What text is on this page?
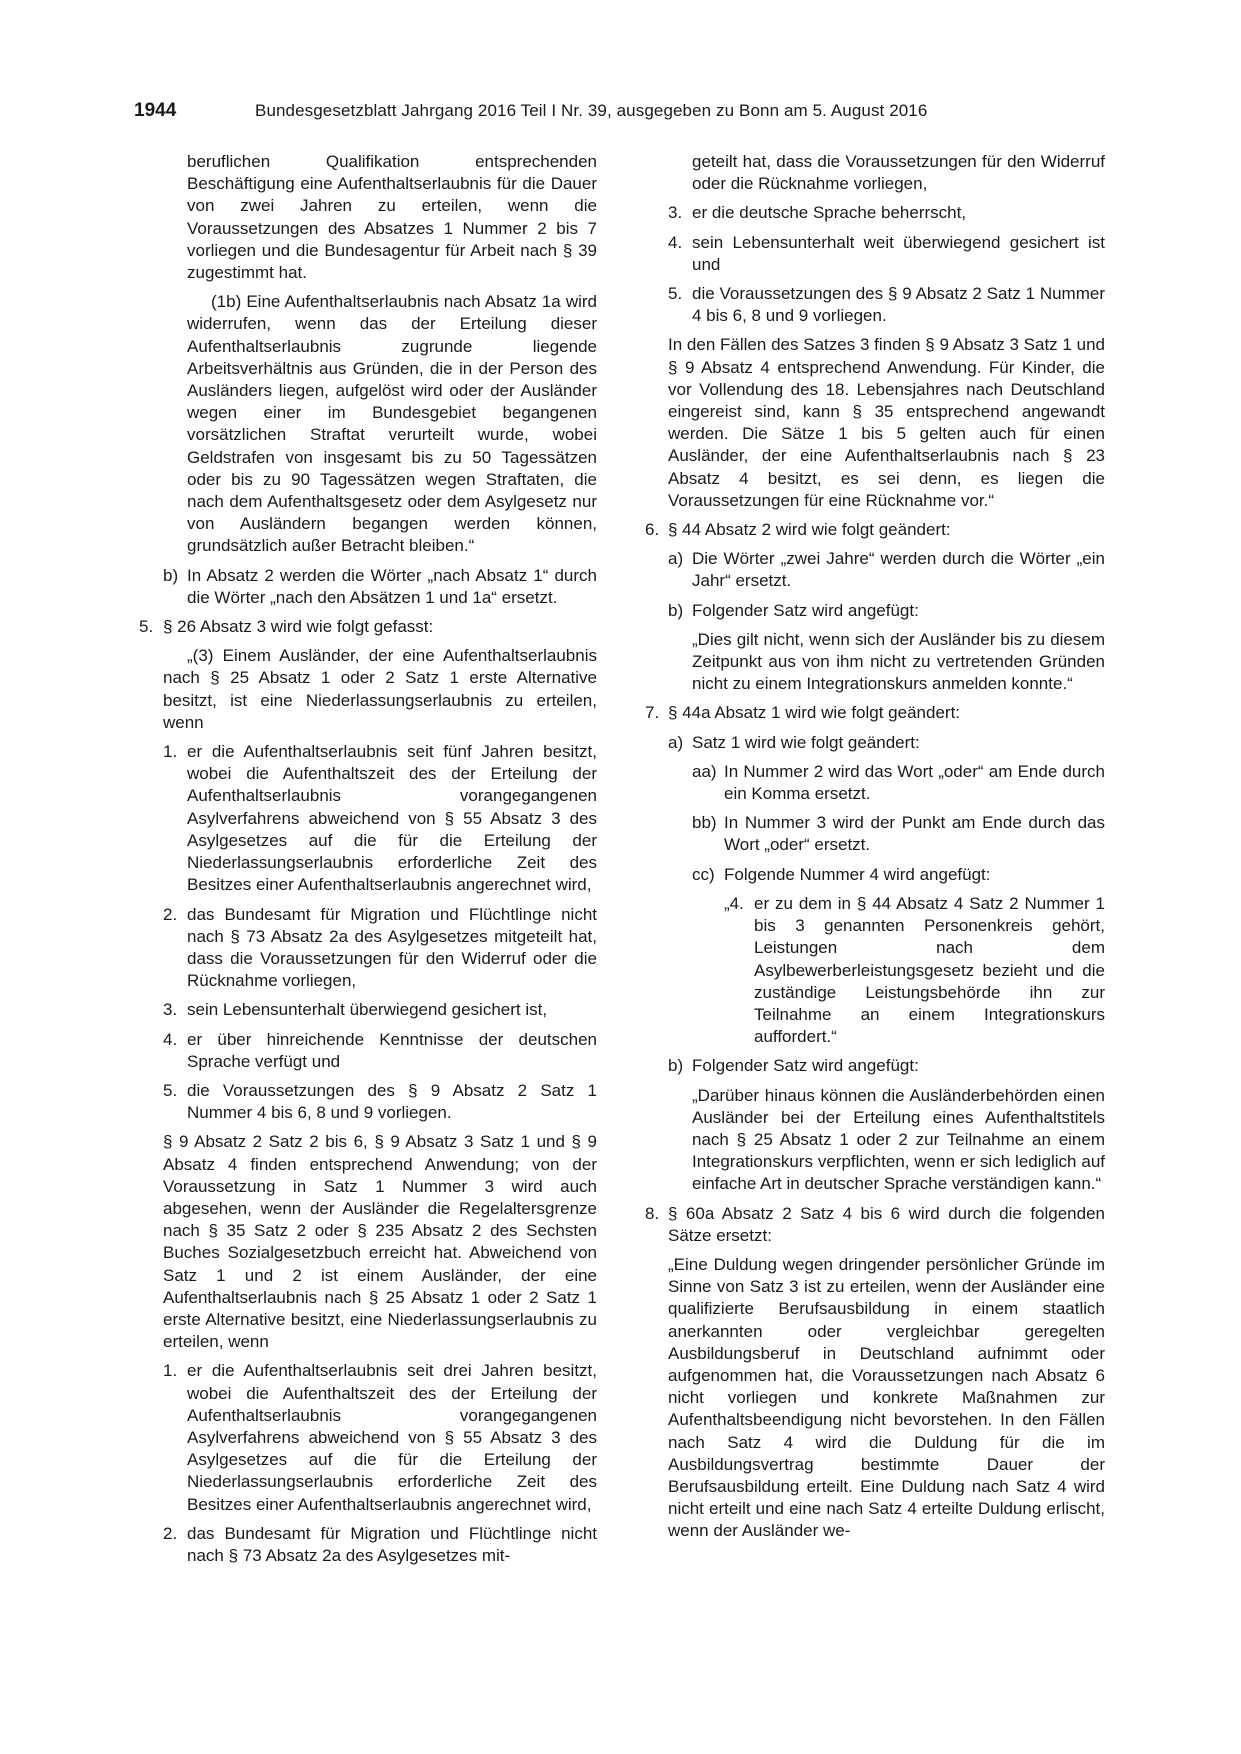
1944	Bundesgesetzblatt Jahrgang 2016 Teil I Nr. 39, ausgegeben zu Bonn am 5. August 2016

beruflichen Qualifikation entsprechenden Beschäftigung eine Aufenthaltserlaubnis für die Dauer von zwei Jahren zu erteilen, wenn die Voraussetzungen des Absatzes 1 Nummer 2 bis 7 vorliegen und die Bundesagentur für Arbeit nach § 39 zugestimmt hat.

(1b) Eine Aufenthaltserlaubnis nach Absatz 1a wird widerrufen, wenn das der Erteilung dieser Aufenthaltserlaubnis zugrunde liegende Arbeitsverhältnis aus Gründen, die in der Person des Ausländers liegen, aufgelöst wird oder der Ausländer wegen einer im Bundesgebiet begangenen vorsätzlichen Straftat verurteilt wurde, wobei Geldstrafen von insgesamt bis zu 50 Tagessätzen oder bis zu 90 Tagessätzen wegen Straftaten, die nach dem Aufenthaltsgesetz oder dem Asylgesetz nur von Ausländern begangen werden können, grundsätzlich außer Betracht bleiben.“

b) In Absatz 2 werden die Wörter „nach Absatz 1“ durch die Wörter „nach den Absätzen 1 und 1a“ ersetzt.
5. § 26 Absatz 3 wird wie folgt gefasst:

„(3) Einem Ausländer, der eine Aufenthaltserlaubnis nach § 25 Absatz 1 oder 2 Satz 1 erste Alternative besitzt, ist eine Niederlassungserlaubnis zu erteilen, wenn

1. er die Aufenthaltserlaubnis seit fünf Jahren besitzt, wobei die Aufenthaltszeit des der Erteilung der Aufenthaltserlaubnis vorangegangenen Asylverfahrens abweichend von § 55 Absatz 3 des Asylgesetzes auf die für die Erteilung der Niederlassungserlaubnis erforderliche Zeit des Besitzes einer Aufenthaltserlaubnis angerechnet wird,
2. das Bundesamt für Migration und Flüchtlinge nicht nach § 73 Absatz 2a des Asylgesetzes mitgeteilt hat, dass die Voraussetzungen für den Widerruf oder die Rücknahme vorliegen,
3. sein Lebensunterhalt überwiegend gesichert ist,
4. er über hinreichende Kenntnisse der deutschen Sprache verfügt und
5. die Voraussetzungen des § 9 Absatz 2 Satz 1 Nummer 4 bis 6, 8 und 9 vorliegen.

§ 9 Absatz 2 Satz 2 bis 6, § 9 Absatz 3 Satz 1 und § 9 Absatz 4 finden entsprechend Anwendung; von der Voraussetzung in Satz 1 Nummer 3 wird auch abgesehen, wenn der Ausländer die Regelaltersgrenze nach § 35 Satz 2 oder § 235 Absatz 2 des Sechsten Buches Sozialgesetzbuch erreicht hat. Abweichend von Satz 1 und 2 ist einem Ausländer, der eine Aufenthaltserlaubnis nach § 25 Absatz 1 oder 2 Satz 1 erste Alternative besitzt, eine Niederlassungserlaubnis zu erteilen, wenn

1. er die Aufenthaltserlaubnis seit drei Jahren besitzt, wobei die Aufenthaltszeit des der Erteilung der Aufenthaltserlaubnis vorangegangenen Asylverfahrens abweichend von § 55 Absatz 3 des Asylgesetzes auf die für die Erteilung der Niederlassungserlaubnis erforderliche Zeit des Besitzes einer Aufenthaltserlaubnis angerechnet wird,
2. das Bundesamt für Migration und Flüchtlinge nicht nach § 73 Absatz 2a des Asylgesetzes mit-

geteilt hat, dass die Voraussetzungen für den Widerruf oder die Rücknahme vorliegen,

3. er die deutsche Sprache beherrscht,
4. sein Lebensunterhalt weit überwiegend gesichert ist und
5. die Voraussetzungen des § 9 Absatz 2 Satz 1 Nummer 4 bis 6, 8 und 9 vorliegen.

In den Fällen des Satzes 3 finden § 9 Absatz 3 Satz 1 und § 9 Absatz 4 entsprechend Anwendung. Für Kinder, die vor Vollendung des 18. Lebensjahres nach Deutschland eingereist sind, kann § 35 entsprechend angewandt werden. Die Sätze 1 bis 5 gelten auch für einen Ausländer, der eine Aufenthaltserlaubnis nach § 23 Absatz 4 besitzt, es sei denn, es liegen die Voraussetzungen für eine Rücknahme vor.“

6. § 44 Absatz 2 wird wie folgt geändert:
a) Die Wörter „zwei Jahre“ werden durch die Wörter „ein Jahr“ ersetzt.
b) Folgender Satz wird angefügt:

„Dies gilt nicht, wenn sich der Ausländer bis zu diesem Zeitpunkt aus von ihm nicht zu vertretenden Gründen nicht zu einem Integrationskurs anmelden konnte.“

7. § 44a Absatz 1 wird wie folgt geändert:
a) Satz 1 wird wie folgt geändert:
aa) In Nummer 2 wird das Wort „oder“ am Ende durch ein Komma ersetzt.
bb) In Nummer 3 wird der Punkt am Ende durch das Wort „oder“ ersetzt.
cc) Folgende Nummer 4 wird angefügt:
„4. er zu dem in § 44 Absatz 4 Satz 2 Nummer 1 bis 3 genannten Personenkreis gehört, Leistungen nach dem Asylbewerberleistungsgesetz bezieht und die zuständige Leistungsbehörde ihn zur Teilnahme an einem Integrationskurs auffordert.“
b) Folgender Satz wird angefügt:

„Darüber hinaus können die Ausländerbehörden einen Ausländer bei der Erteilung eines Aufenthaltstitels nach § 25 Absatz 1 oder 2 zur Teilnahme an einem Integrationskurs verpflichten, wenn er sich lediglich auf einfache Art in deutscher Sprache verständigen kann.“

8. § 60a Absatz 2 Satz 4 bis 6 wird durch die folgenden Sätze ersetzt:

„Eine Duldung wegen dringender persönlicher Gründe im Sinne von Satz 3 ist zu erteilen, wenn der Ausländer eine qualifizierte Berufsausbildung in einem staatlich anerkannten oder vergleichbar geregelten Ausbildungsberuf in Deutschland aufnimmt oder aufgenommen hat, die Voraussetzungen nach Absatz 6 nicht vorliegen und konkrete Maßnahmen zur Aufenthaltsbeendigung nicht bevorstehen. In den Fällen nach Satz 4 wird die Duldung für die im Ausbildungsvertrag bestimmte Dauer der Berufsausbildung erteilt. Eine Duldung nach Satz 4 wird nicht erteilt und eine nach Satz 4 erteilte Duldung erlischt, wenn der Ausländer we-
